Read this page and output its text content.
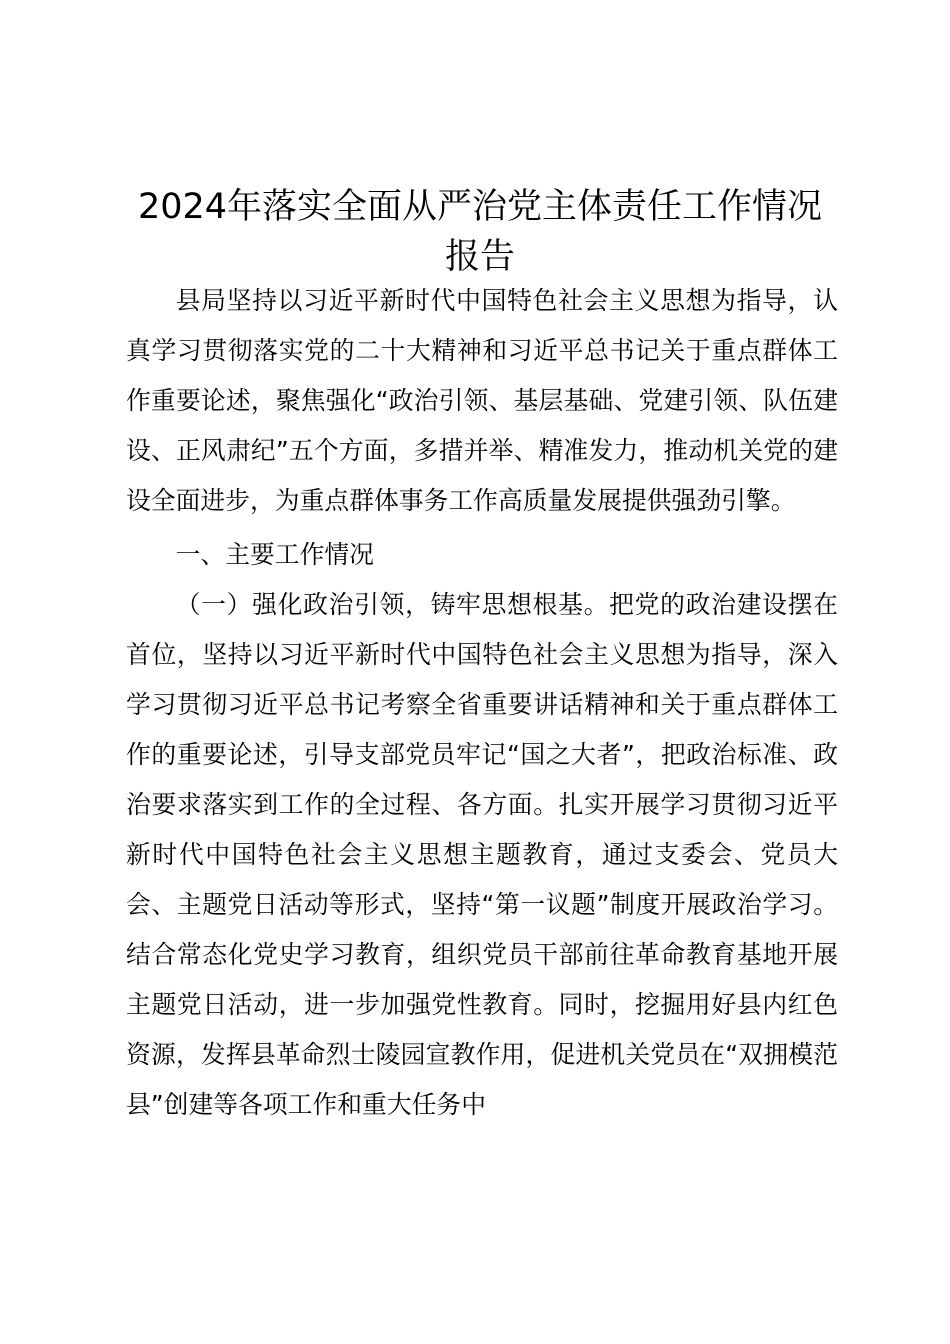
2024年落实全面从严治党主体责任工作情况
报告

县局坚持以习近平新时代中国特色社会主义思想为指导，认真学习贯彻落实党的二十大精神和习近平总书记关于重点群体工作重要论述，聚焦强化“政治引领、基层基础、党建引领、队伍建设、正风肃纪”五个方面，多措并举、精准发力，推动机关党的建设全面进步，为重点群体事务工作高质量发展提供强劲引擎。

一、主要工作情况

（一）强化政治引领，铸牢思想根基。把党的政治建设摆在首位，坚持以习近平新时代中国特色社会主义思想为指导，深入学习贯彻习近平总书记考察全省重要讲话精神和关于重点群体工作的重要论述，引导支部党员牢记“国之大者”，把政治标准、政治要求落实到工作的全过程、各方面。扎实开展学习贯彻习近平新时代中国特色社会主义思想主题教育，通过支委会、党员大会、主题党日活动等形式，坚持“第一议题”制度开展政治学习。结合常态化党史学习教育，组织党员干部前往革命教育基地开展主题党日活动，进一步加强党性教育。同时，挖掘用好县内红色资源，发挥县革命烈士陵园宣教作用，促进机关党员在“双拥模范县”创建等各项工作和重大任务中
